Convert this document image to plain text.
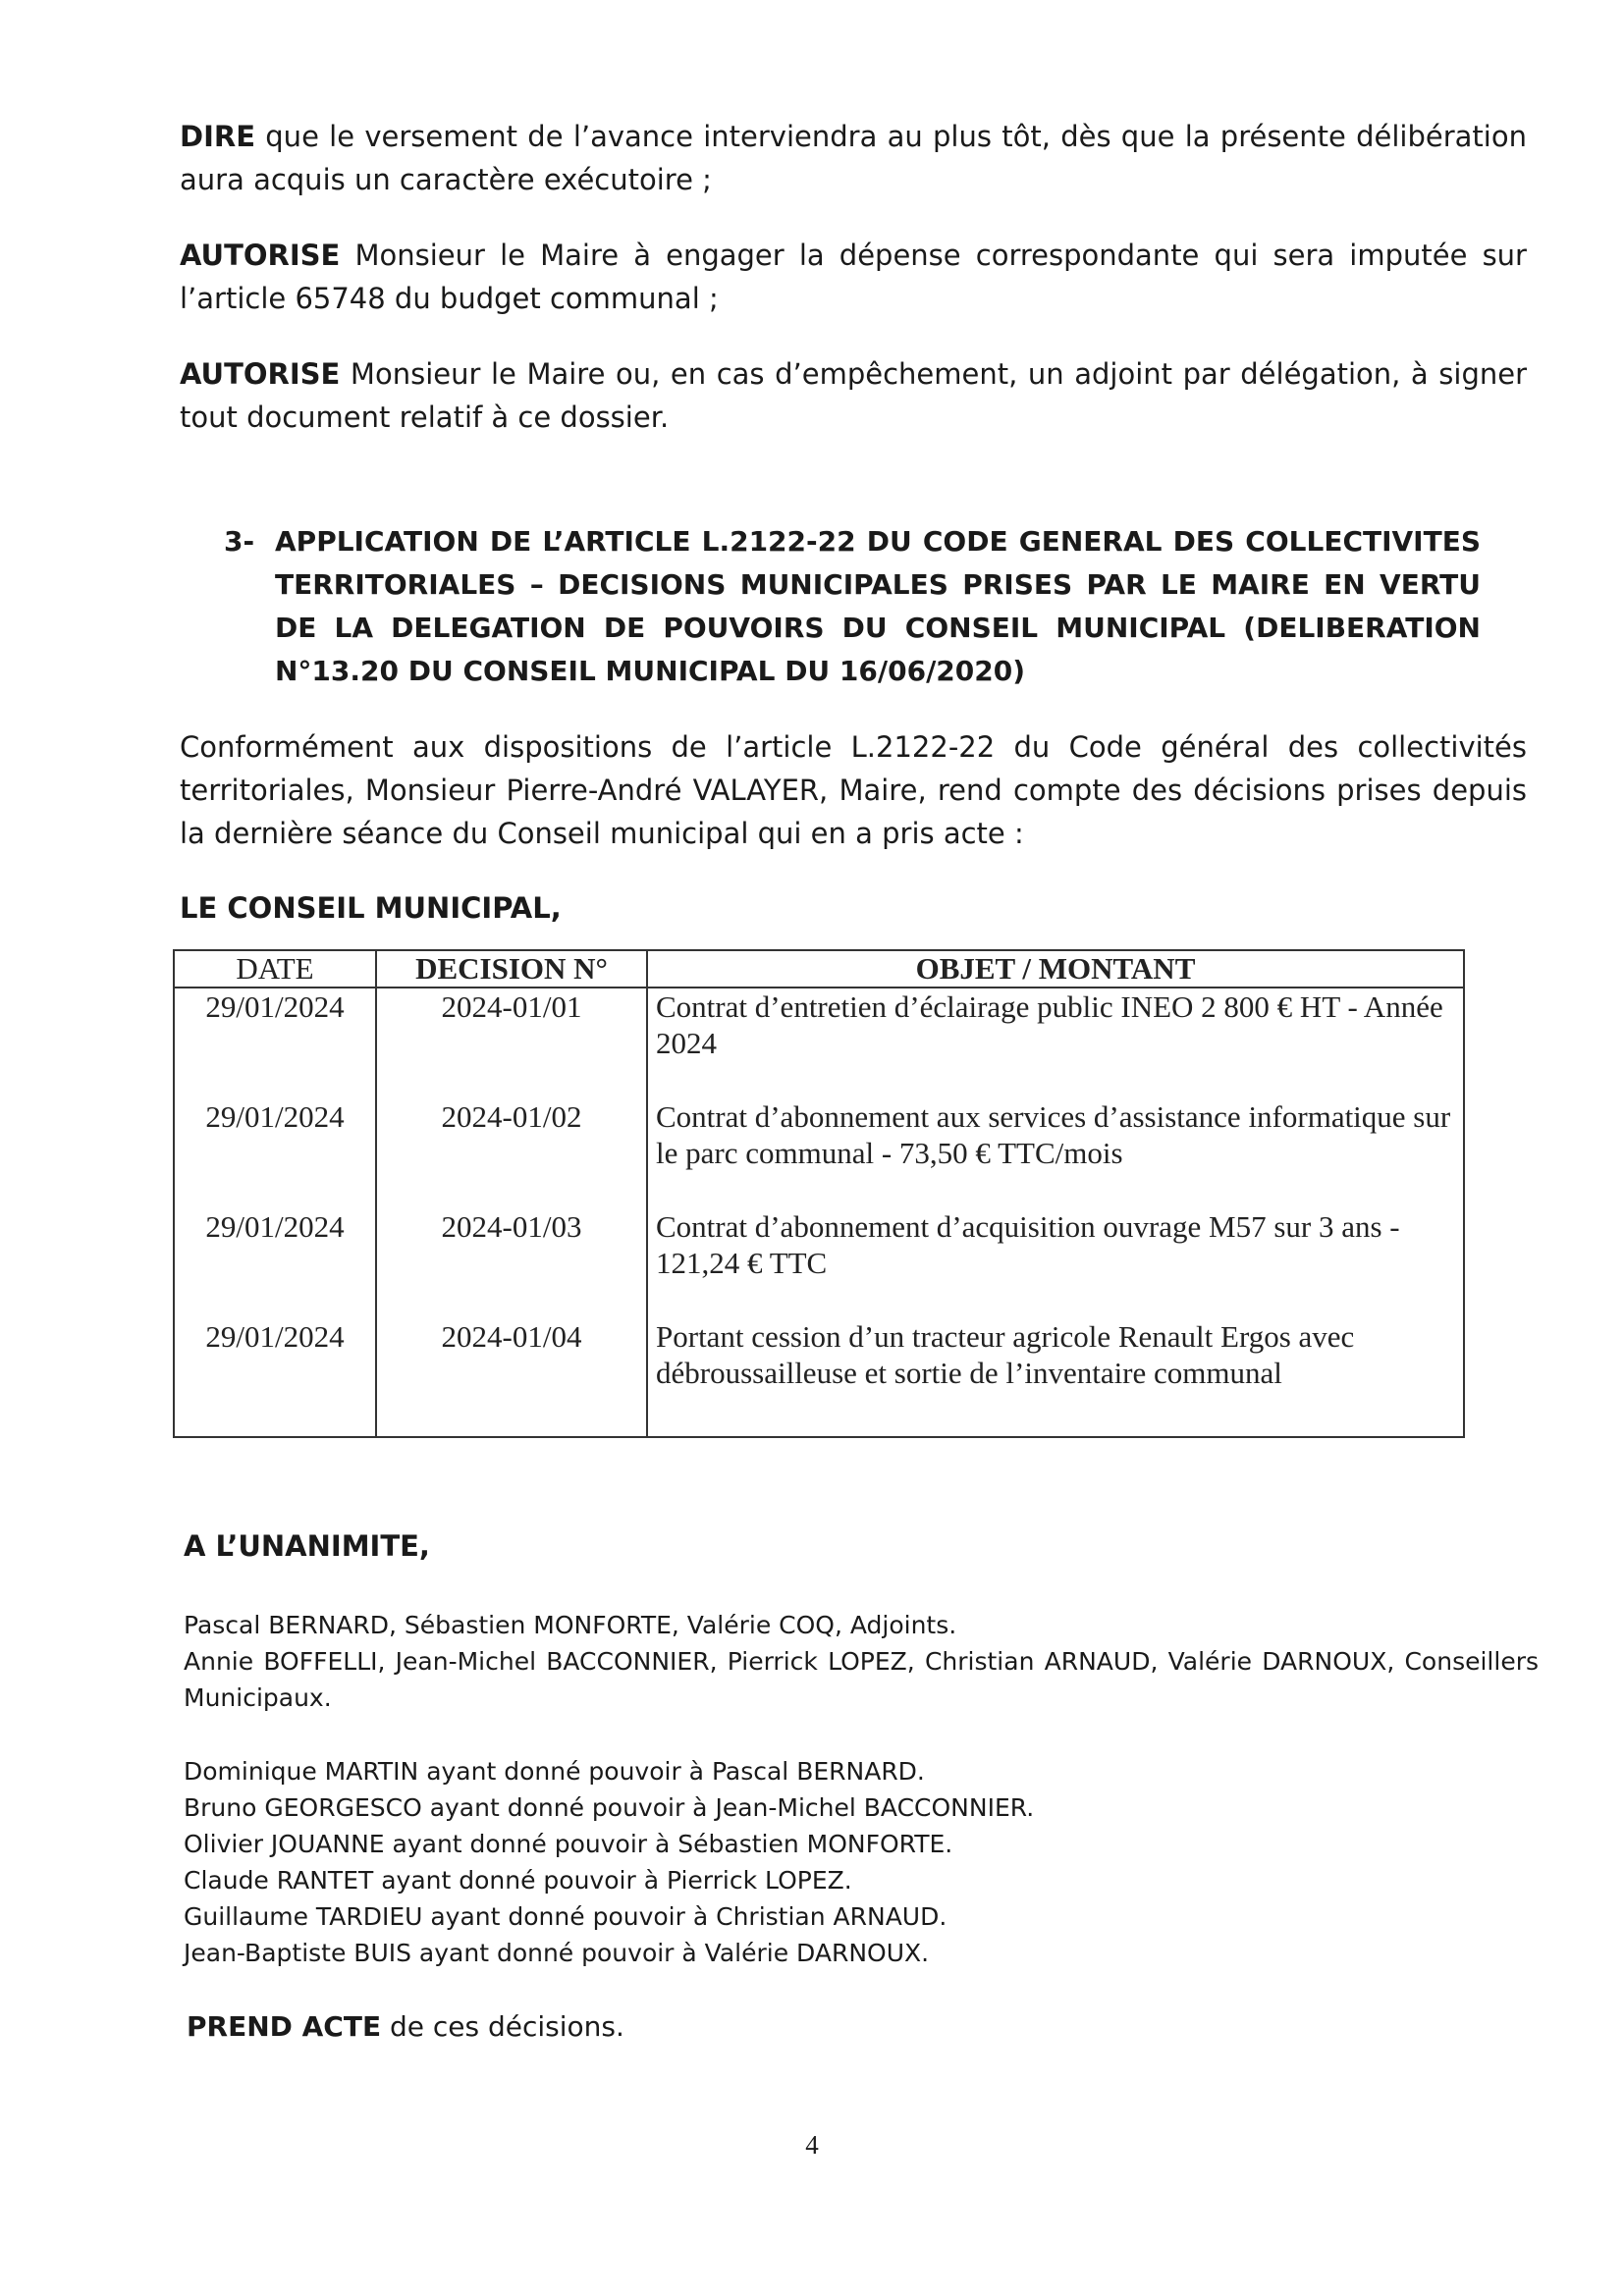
DIRE que le versement de l’avance interviendra au plus tôt, dès que la présente délibération aura acquis un caractère exécutoire ;

AUTORISE Monsieur le Maire à engager la dépense correspondante qui sera imputée sur l’article 65748 du budget communal ;

AUTORISE Monsieur le Maire ou, en cas d’empêchement, un adjoint par délégation, à signer tout document relatif à ce dossier.

3- APPLICATION DE L’ARTICLE L.2122-22 DU CODE GENERAL DES COLLECTIVITES TERRITORIALES – DECISIONS MUNICIPALES PRISES PAR LE MAIRE EN VERTU DE LA DELEGATION DE POUVOIRS DU CONSEIL MUNICIPAL (DELIBERATION N°13.20 DU CONSEIL MUNICIPAL DU 16/06/2020)

Conformément aux dispositions de l’article L.2122-22 du Code général des collectivités territoriales, Monsieur Pierre-André VALAYER, Maire, rend compte des décisions prises depuis la dernière séance du Conseil municipal qui en a pris acte :

LE CONSEIL MUNICIPAL,

DATE	DECISION N°	OBJET / MONTANT
29/01/2024	2024-01/01	Contrat d’entretien d’éclairage public INEO 2 800 € HT - Année 2024
29/01/2024	2024-01/02	Contrat d’abonnement aux services d’assistance informatique sur le parc communal - 73,50 € TTC/mois
29/01/2024	2024-01/03	Contrat d’abonnement d’acquisition ouvrage M57 sur 3 ans - 121,24 € TTC
29/01/2024	2024-01/04	Portant cession d’un tracteur agricole Renault Ergos avec débroussailleuse et sortie de l’inventaire communal

A L’UNANIMITE,

Pascal BERNARD, Sébastien MONFORTE, Valérie COQ, Adjoints.

Annie BOFFELLI, Jean-Michel BACCONNIER, Pierrick LOPEZ, Christian ARNAUD, Valérie DARNOUX, Conseillers Municipaux.

Dominique MARTIN ayant donné pouvoir à Pascal BERNARD.

Bruno GEORGESCO ayant donné pouvoir à Jean-Michel BACCONNIER.

Olivier JOUANNE ayant donné pouvoir à Sébastien MONFORTE.

Claude RANTET ayant donné pouvoir à Pierrick LOPEZ.

Guillaume TARDIEU ayant donné pouvoir à Christian ARNAUD.

Jean-Baptiste BUIS ayant donné pouvoir à Valérie DARNOUX.

PREND ACTE de ces décisions.

4
